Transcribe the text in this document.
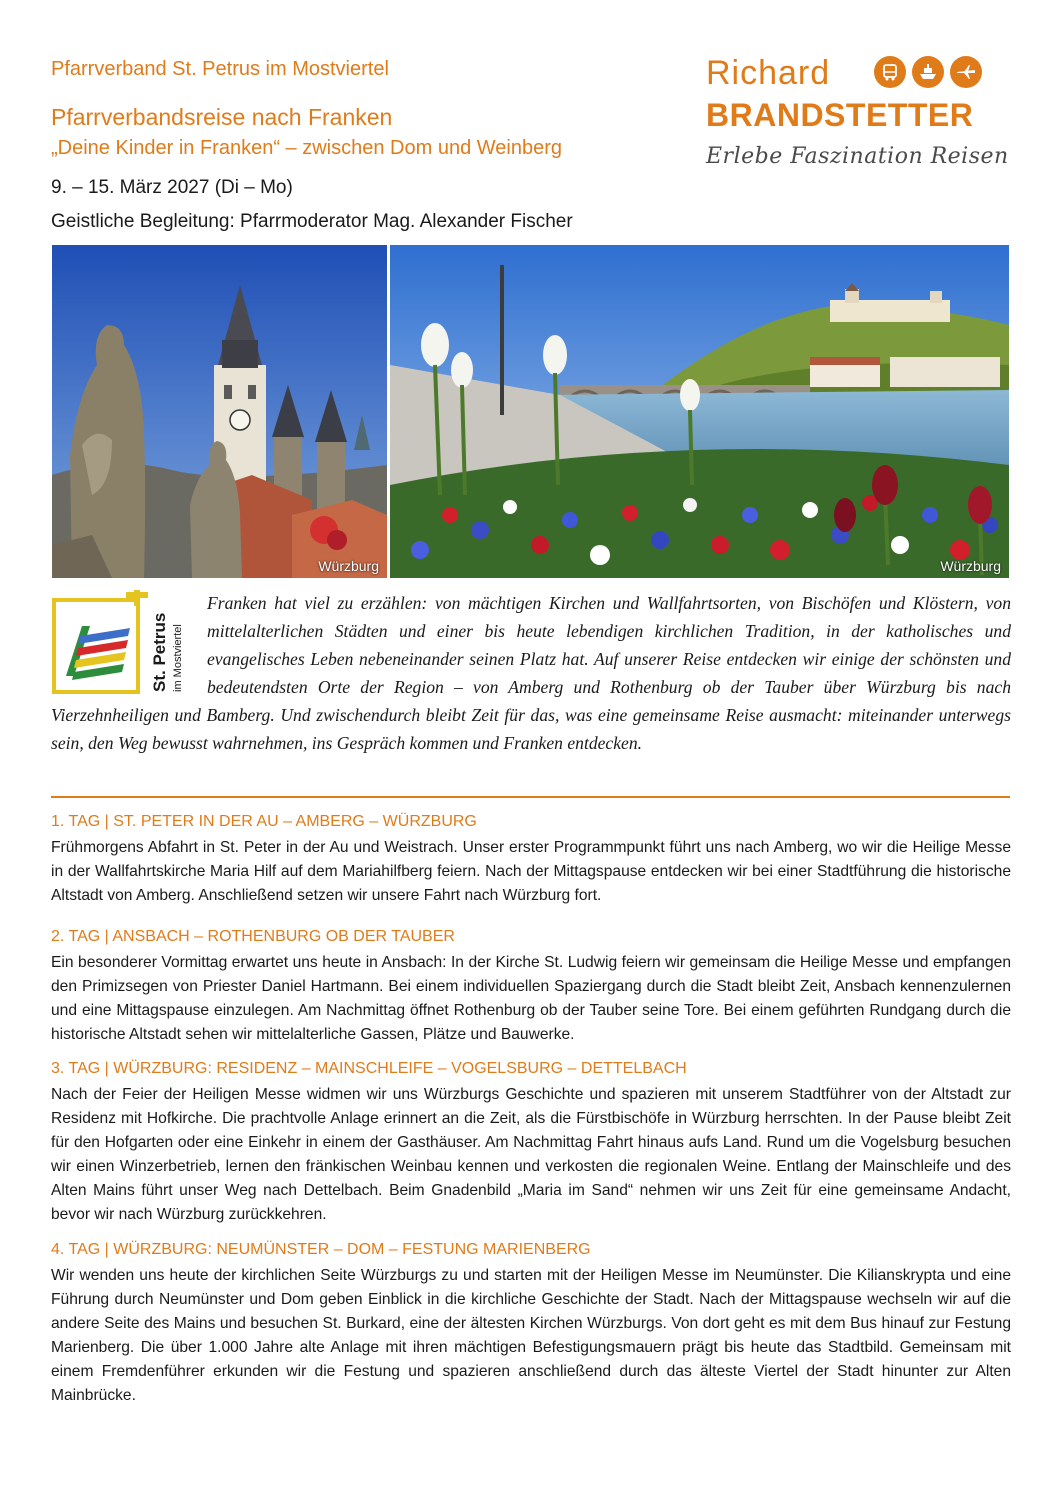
Pfarrverband St. Petrus im Mostviertel
Pfarrverbandsreise nach Franken
„Deine Kinder in Franken“ – zwischen Dom und Weinberg
9. – 15. März 2027 (Di – Mo)
Geistliche Begleitung: Pfarrmoderator Mag. Alexander Fischer
Richard
BRANDSTETTER
Erlebe Faszination Reisen
Würzburg	Würzburg
St. Petrus im Mostviertel
Franken hat viel zu erzählen: von mächtigen Kirchen und Wallfahrtsorten, von Bischöfen und Klöstern, von mittelalterlichen Städten und einer bis heute lebendigen kirchlichen Tradition, in der katholisches und evangelisches Leben nebeneinander seinen Platz hat. Auf unserer Reise entdecken wir einige der schönsten und bedeutendsten Orte der Region – von Amberg und Rothenburg ob der Tauber über Würzburg bis nach Vierzehnheiligen und Bamberg. Und zwischendurch bleibt Zeit für das, was eine gemeinsame Reise ausmacht: miteinander unterwegs sein, den Weg bewusst wahrnehmen, ins Gespräch kommen und Franken entdecken.
1. TAG | ST. PETER IN DER AU – AMBERG – WÜRZBURG
Frühmorgens Abfahrt in St. Peter in der Au und Weistrach. Unser erster Programmpunkt führt uns nach Amberg, wo wir die Heilige Messe in der Wallfahrtskirche Maria Hilf auf dem Mariahilfberg feiern. Nach der Mittagspause entdecken wir bei einer Stadtführung die historische Altstadt von Amberg. Anschließend setzen wir unsere Fahrt nach Würzburg fort.
2. TAG | ANSBACH – ROTHENBURG OB DER TAUBER
Ein besonderer Vormittag erwartet uns heute in Ansbach: In der Kirche St. Ludwig feiern wir gemeinsam die Heilige Messe und empfangen den Primizsegen von Priester Daniel Hartmann. Bei einem individuellen Spaziergang durch die Stadt bleibt Zeit, Ansbach kennenzulernen und eine Mittagspause einzulegen. Am Nachmittag öffnet Rothenburg ob der Tauber seine Tore. Bei einem geführten Rundgang durch die historische Altstadt sehen wir mittelalterliche Gassen, Plätze und Bauwerke.
3. TAG | WÜRZBURG: RESIDENZ – MAINSCHLEIFE – VOGELSBURG – DETTELBACH
Nach der Feier der Heiligen Messe widmen wir uns Würzburgs Geschichte und spazieren mit unserem Stadtführer von der Altstadt zur Residenz mit Hofkirche. Die prachtvolle Anlage erinnert an die Zeit, als die Fürstbischöfe in Würzburg herrschten. In der Pause bleibt Zeit für den Hofgarten oder eine Einkehr in einem der Gasthäuser. Am Nachmittag Fahrt hinaus aufs Land. Rund um die Vogelsburg besuchen wir einen Winzerbetrieb, lernen den fränkischen Weinbau kennen und verkosten die regionalen Weine. Entlang der Mainschleife und des Alten Mains führt unser Weg nach Dettelbach. Beim Gnadenbild „Maria im Sand“ nehmen wir uns Zeit für eine gemeinsame Andacht, bevor wir nach Würzburg zurückkehren.
4. TAG | WÜRZBURG: NEUMÜNSTER – DOM – FESTUNG MARIENBERG
Wir wenden uns heute der kirchlichen Seite Würzburgs zu und starten mit der Heiligen Messe im Neumünster. Die Kilianskrypta und eine Führung durch Neumünster und Dom geben Einblick in die kirchliche Geschichte der Stadt. Nach der Mittagspause wechseln wir auf die andere Seite des Mains und besuchen St. Burkard, eine der ältesten Kirchen Würzburgs. Von dort geht es mit dem Bus hinauf zur Festung Marienberg. Die über 1.000 Jahre alte Anlage mit ihren mächtigen Befestigungsmauern prägt bis heute das Stadtbild. Gemeinsam mit einem Fremdenführer erkunden wir die Festung und spazieren anschließend durch das älteste Viertel der Stadt hinunter zur Alten Mainbrücke.
